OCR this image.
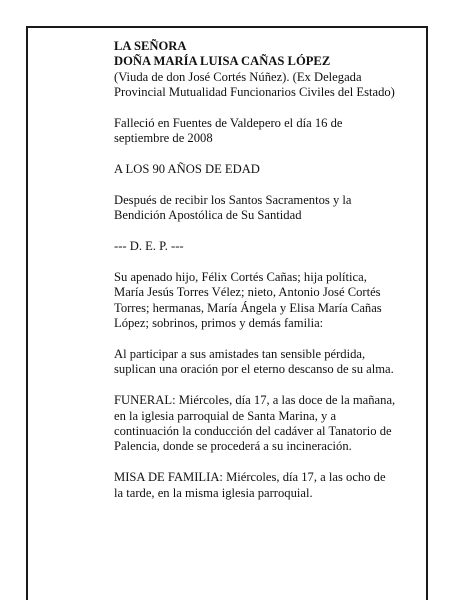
LA SEÑORA
DOÑA MARÍA LUISA CAÑAS LÓPEZ
(Viuda de don José Cortés Núñez). (Ex Delegada
Provincial Mutualidad Funcionarios Civiles del Estado)

Falleció en Fuentes de Valdepero el día 16 de
septiembre de 2008

A LOS 90 AÑOS DE EDAD

Después de recibir los Santos Sacramentos y la
Bendición Apostólica de Su Santidad

--- D. E. P. ---

Su apenado hijo, Félix Cortés Cañas; hija política,
María Jesús Torres Vélez; nieto, Antonio José Cortés
Torres; hermanas, María Ángela y Elisa María Cañas
López; sobrinos, primos y demás familia:

Al participar a sus amistades tan sensible pérdida,
suplican una oración por el eterno descanso de su alma.

FUNERAL: Miércoles, día 17, a las doce de la mañana,
en la iglesia parroquial de Santa Marina, y a
continuación la conducción del cadáver al Tanatorio de
Palencia, donde se procederá a su incineración.

MISA DE FAMILIA: Miércoles, día 17, a las ocho de
la tarde, en la misma iglesia parroquial.
